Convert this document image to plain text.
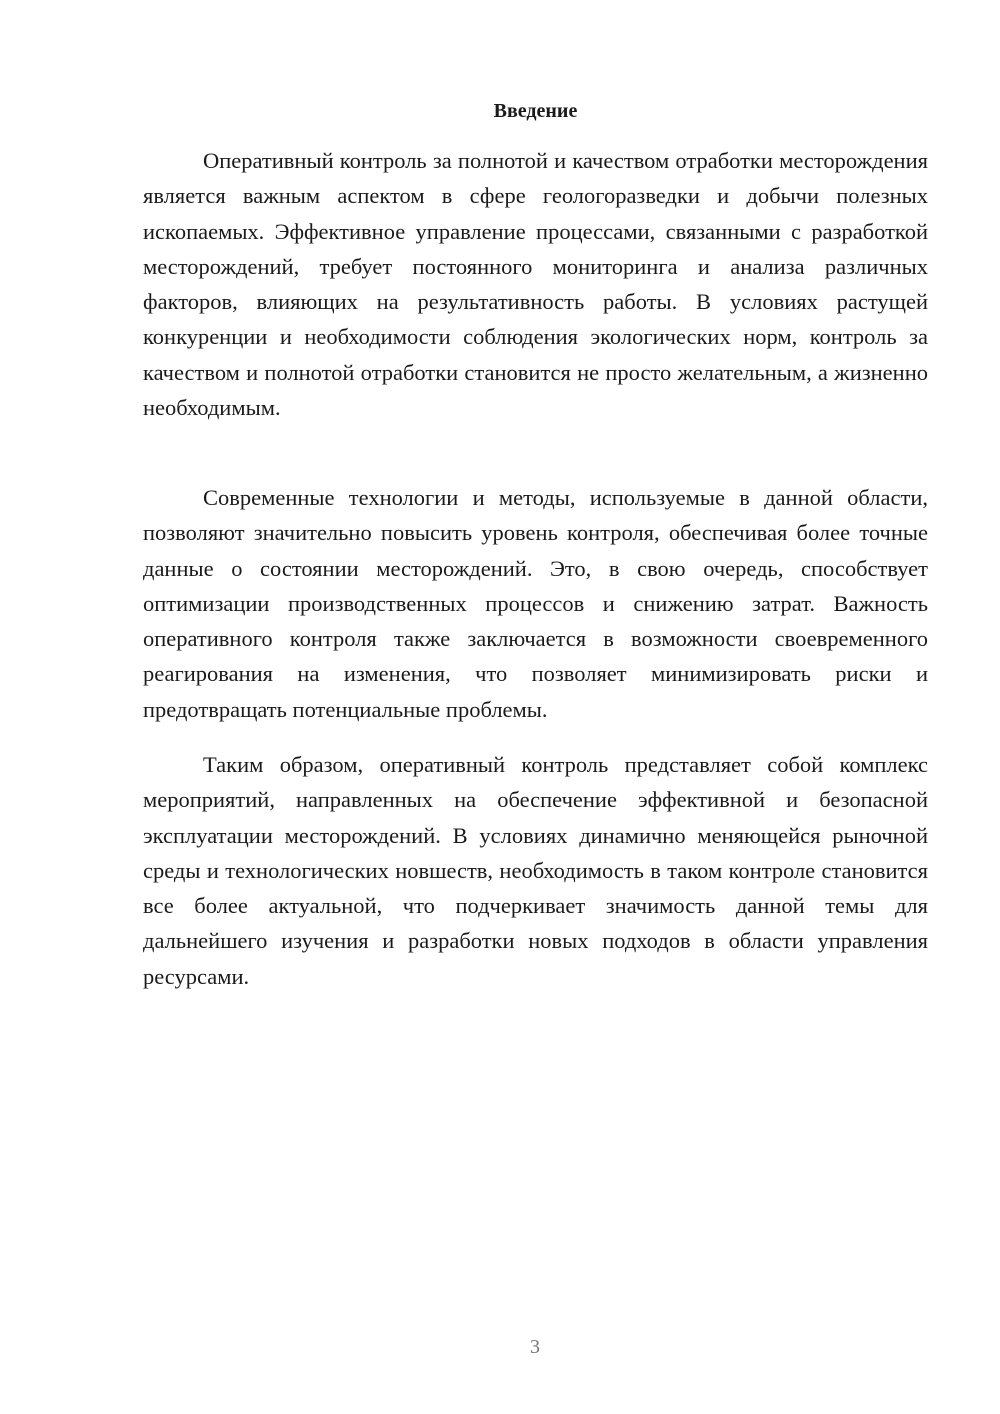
Введение

Оперативный контроль за полнотой и качеством отработки месторождения является важным аспектом в сфере геологоразведки и добычи полезных ископаемых. Эффективное управление процессами, связанными с разработкой месторождений, требует постоянного мониторинга и анализа различных факторов, влияющих на результативность работы. В условиях растущей конкуренции и необходимости соблюдения экологических норм, контроль за качеством и полнотой отработки становится не просто желательным, а жизненно необходимым.

Современные технологии и методы, используемые в данной области, позволяют значительно повысить уровень контроля, обеспечивая более точные данные о состоянии месторождений. Это, в свою очередь, способствует оптимизации производственных процессов и снижению затрат. Важность оперативного контроля также заключается в возможности своевременного реагирования на изменения, что позволяет минимизировать риски и предотвращать потенциальные проблемы.

Таким образом, оперативный контроль представляет собой комплекс мероприятий, направленных на обеспечение эффективной и безопасной эксплуатации месторождений. В условиях динамично меняющейся рыночной среды и технологических новшеств, необходимость в таком контроле становится все более актуальной, что подчеркивает значимость данной темы для дальнейшего изучения и разработки новых подходов в области управления ресурсами.

3
